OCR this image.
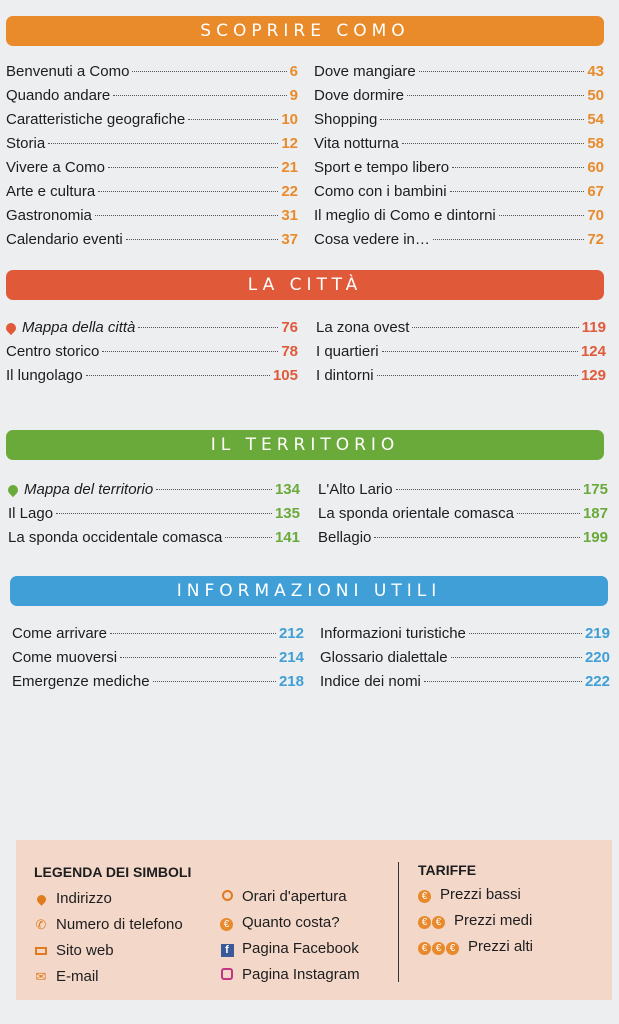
SCOPRIRE COMO
Benvenuti a Como	6
Quando andare	9
Caratteristiche geografiche	10
Storia	12
Vivere a Como	21
Arte e cultura	22
Gastronomia	31
Calendario eventi	37
Dove mangiare	43
Dove dormire	50
Shopping	54
Vita notturna	58
Sport e tempo libero	60
Como con i bambini	67
Il meglio di Como e dintorni	70
Cosa vedere in…	72
LA CITTÀ
Mappa della città	76
Centro storico	78
Il lungolago	105
La zona ovest	119
I quartieri	124
I dintorni	129
IL TERRITORIO
Mappa del territorio	134
Il Lago	135
La sponda occidentale comasca	141
L'Alto Lario	175
La sponda orientale comasca	187
Bellagio	199
INFORMAZIONI UTILI
Come arrivare	212
Come muoversi	214
Emergenze mediche	218
Informazioni turistiche	219
Glossario dialettale	220
Indice dei nomi	222
LEGENDA DEI SIMBOLI
Indirizzo
✆ Numero di telefono
Sito web
✉ E-mail
Orari d'apertura
€ Quanto costa?
f Pagina Facebook
Pagina Instagram
TARIFFE
€ Prezzi bassi
€ € Prezzi medi
€ € € Prezzi alti
